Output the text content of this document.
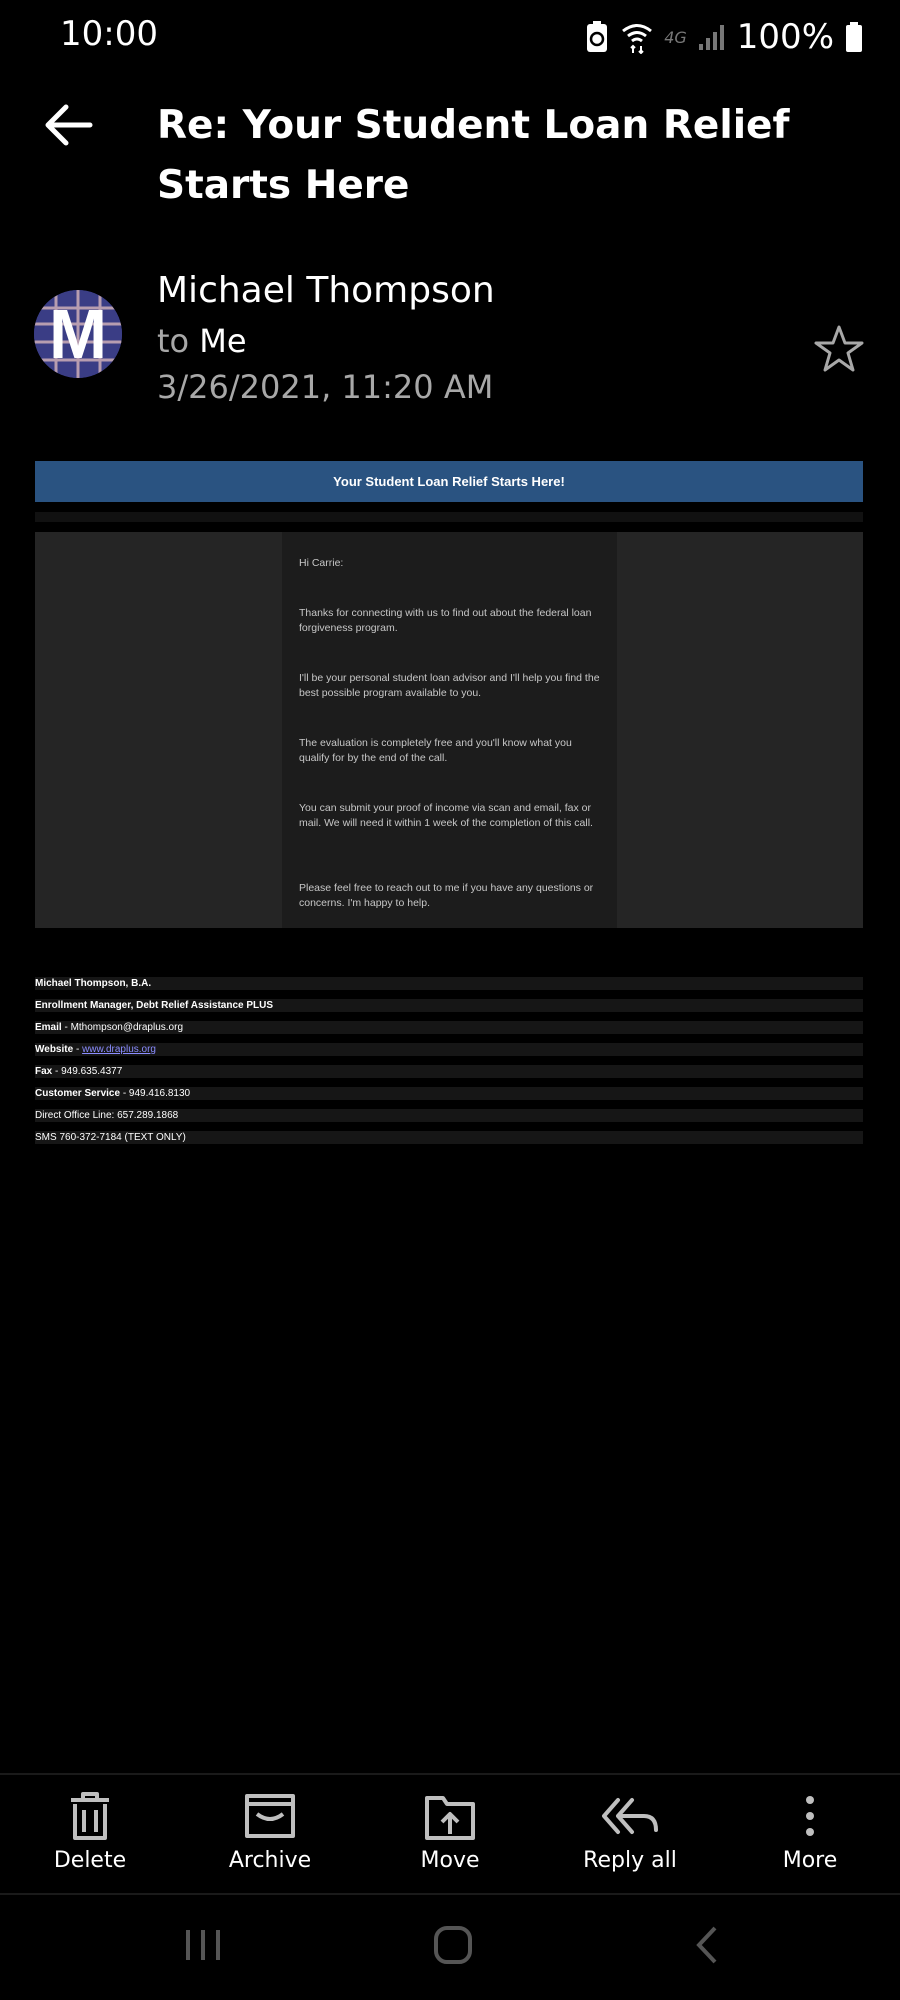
10:00	4G 100%
Re: Your Student Loan Relief Starts Here
M
Michael Thompson
to Me
3/26/2021, 11:20 AM
Your Student Loan Relief Starts Here!

Hi Carrie:

Thanks for connecting with us to find out about the federal loan forgiveness program.

I'll be your personal student loan advisor and I'll help you find the best possible program available to you.

The evaluation is completely free and you'll know what you qualify for by the end of the call.

You can submit your proof of income via scan and email, fax or mail. We will need it within 1 week of the completion of this call.

Please feel free to reach out to me if you have any questions or concerns. I'm happy to help.

Michael Thompson, B.A.
Enrollment Manager, Debt Relief Assistance PLUS
Email - Mthompson@draplus.org
Website - www.draplus.org
Fax - 949.635.4377
Customer Service - 949.416.8130
Direct Office Line: 657.289.1868
SMS 760-372-7184 (TEXT ONLY)
Delete	Archive	Move	Reply all	More
